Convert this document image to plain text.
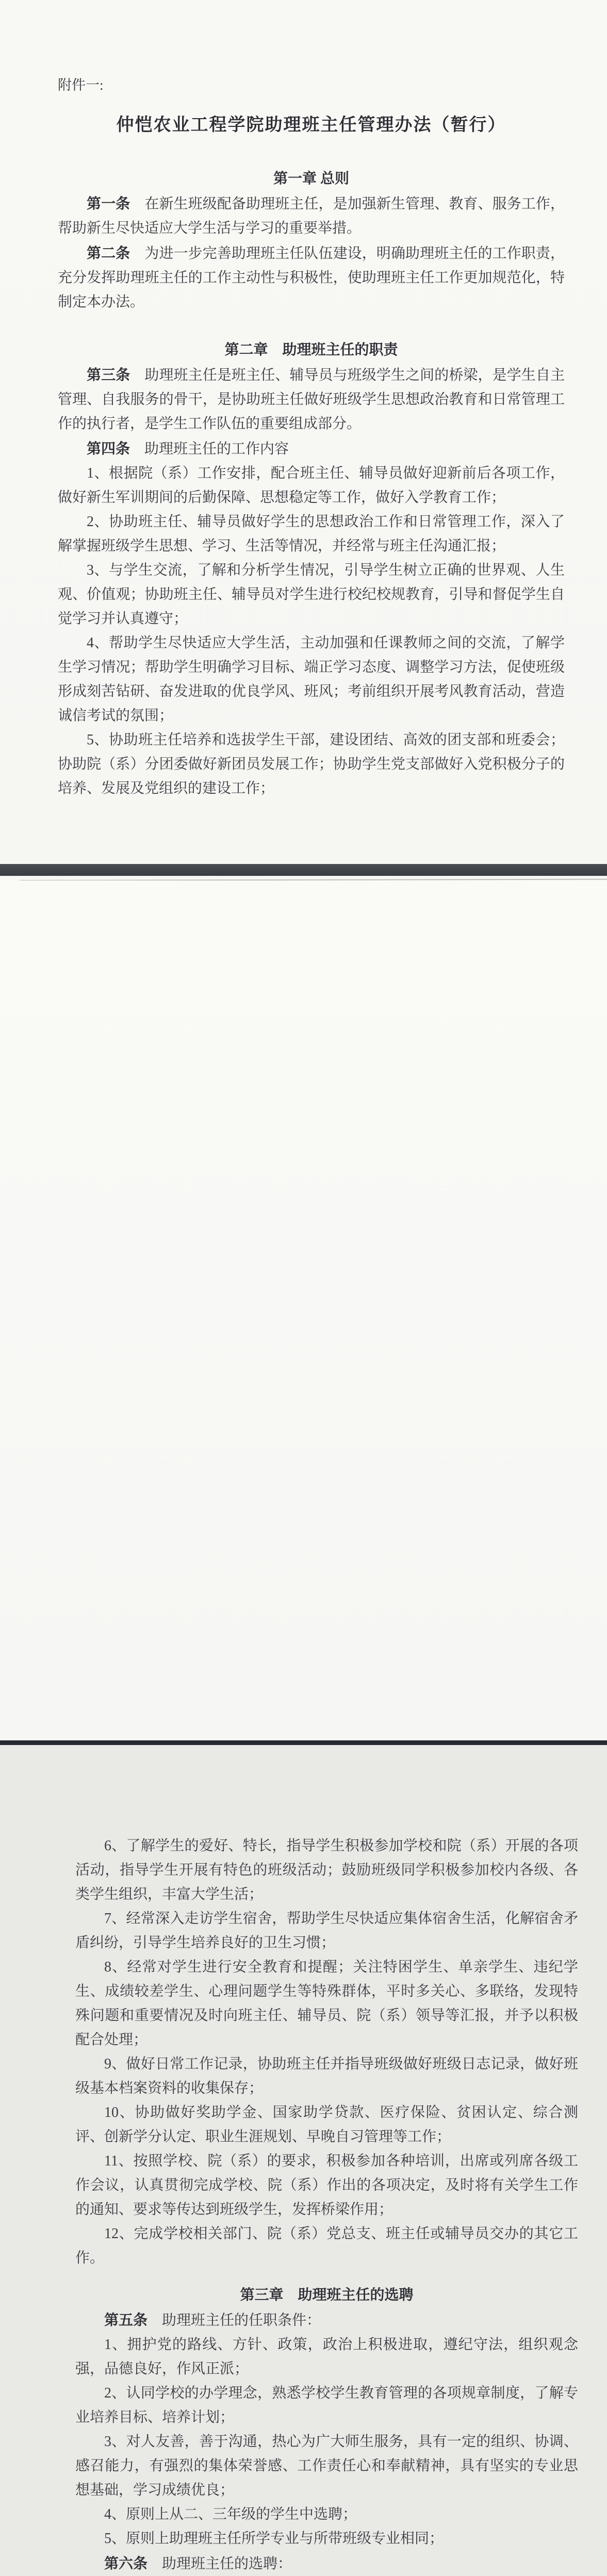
附件一:
仲恺农业工程学院助理班主任管理办法（暂行）
第一章 总则
第一条　在新生班级配备助理班主任，是加强新生管理、教育、服务工作，帮助新生尽快适应大学生活与学习的重要举措。
第二条　为进一步完善助理班主任队伍建设，明确助理班主任的工作职责，充分发挥助理班主任的工作主动性与积极性，使助理班主任工作更加规范化，特制定本办法。
第二章　助理班主任的职责
第三条　助理班主任是班主任、辅导员与班级学生之间的桥梁，是学生自主管理、自我服务的骨干，是协助班主任做好班级学生思想政治教育和日常管理工作的执行者，是学生工作队伍的重要组成部分。
第四条　助理班主任的工作内容
1、根据院（系）工作安排，配合班主任、辅导员做好迎新前后各项工作，做好新生军训期间的后勤保障、思想稳定等工作，做好入学教育工作；
2、协助班主任、辅导员做好学生的思想政治工作和日常管理工作，深入了解掌握班级学生思想、学习、生活等情况，并经常与班主任沟通汇报；
3、与学生交流，了解和分析学生情况，引导学生树立正确的世界观、人生观、价值观；协助班主任、辅导员对学生进行校纪校规教育，引导和督促学生自觉学习并认真遵守；
4、帮助学生尽快适应大学生活，主动加强和任课教师之间的交流，了解学生学习情况；帮助学生明确学习目标、端正学习态度、调整学习方法，促使班级形成刻苦钻研、奋发进取的优良学风、班风；考前组织开展考风教育活动，营造诚信考试的氛围；
5、协助班主任培养和选拔学生干部，建设团结、高效的团支部和班委会；协助院（系）分团委做好新团员发展工作；协助学生党支部做好入党积极分子的培养、发展及党组织的建设工作；
6、了解学生的爱好、特长，指导学生积极参加学校和院（系）开展的各项活动，指导学生开展有特色的班级活动；鼓励班级同学积极参加校内各级、各类学生组织，丰富大学生活；
7、经常深入走访学生宿舍，帮助学生尽快适应集体宿舍生活，化解宿舍矛盾纠纷，引导学生培养良好的卫生习惯；
8、经常对学生进行安全教育和提醒；关注特困学生、单亲学生、违纪学生、成绩较差学生、心理问题学生等特殊群体，平时多关心、多联络，发现特殊问题和重要情况及时向班主任、辅导员、院（系）领导等汇报，并予以积极配合处理；
9、做好日常工作记录，协助班主任并指导班级做好班级日志记录，做好班级基本档案资料的收集保存；
10、协助做好奖助学金、国家助学贷款、医疗保险、贫困认定、综合测评、创新学分认定、职业生涯规划、早晚自习管理等工作；
11、按照学校、院（系）的要求，积极参加各种培训，出席或列席各级工作会议，认真贯彻完成学校、院（系）作出的各项决定，及时将有关学生工作的通知、要求等传达到班级学生，发挥桥梁作用；
12、完成学校相关部门、院（系）党总支、班主任或辅导员交办的其它工作。
第三章　助理班主任的选聘
第五条　助理班主任的任职条件：
1、拥护党的路线、方针、政策，政治上积极进取，遵纪守法，组织观念强，品德良好，作风正派；
2、认同学校的办学理念，熟悉学校学生教育管理的各项规章制度，了解专业培养目标、培养计划；
3、对人友善，善于沟通，热心为广大师生服务，具有一定的组织、协调、感召能力，有强烈的集体荣誉感、工作责任心和奉献精神，具有坚实的专业思想基础，学习成绩优良；
4、原则上从二、三年级的学生中选聘；
5、原则上助理班主任所学专业与所带班级专业相同；
第六条　助理班主任的选聘：
